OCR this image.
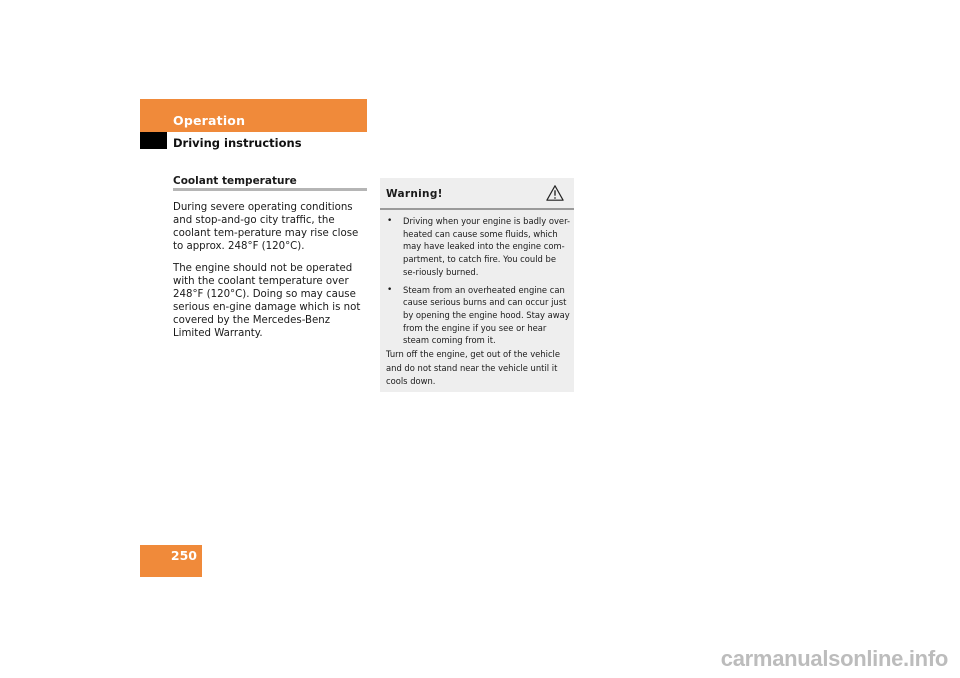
Operation
Driving instructions
Coolant temperature

During severe operating conditions and stop-and-go city traffic, the coolant tem-perature may rise close to approx. 248°F (120°C).

The engine should not be operated with the coolant temperature over 248°F (120°C). Doing so may cause serious en-gine damage which is not covered by the Mercedes-Benz Limited Warranty.

Warning!
• Driving when your engine is badly over-heated can cause some fluids, which may have leaked into the engine com-partment, to catch fire. You could be se-riously burned.
• Steam from an overheated engine can cause serious burns and can occur just by opening the engine hood. Stay away from the engine if you see or hear steam coming from it.

Turn off the engine, get out of the vehicle and do not stand near the vehicle until it cools down.

250
carmanualsonline.info
